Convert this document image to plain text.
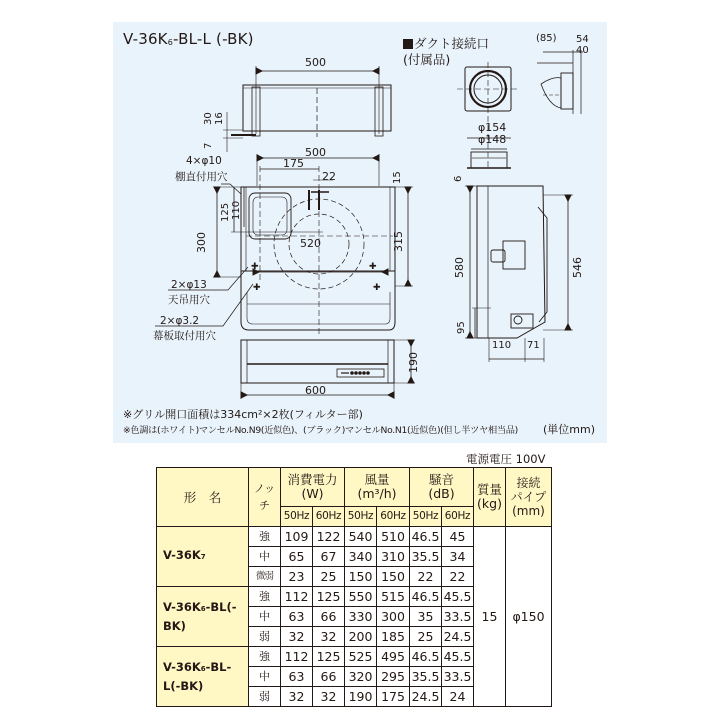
✚	✚
✚	✚
$V-36K_6-BL-L$ (-BK)	ダクト接続口
(付属品)
500
30 16
7
500
175
22
520
15
315
300
125 110
φ154
φ148
(85) 54
40
6
580	546
95
110 71
600
190
4×φ10
棚直付用穴
2×φ13
天吊用穴
2×φ3.2
幕板取付用穴
※グリル開口面積は334cm²×2枚(フィルター部)
※色調は(ホワイト)マンセルNo.N9(近似色)、(ブラック)マンセルNo.N1(近似色)(但し半ツヤ相当品) (単位mm)
電源電圧 100V
形　名	ノッチ	消費電力
(W)		風量
(m³/h)		騒音
(dB)		質量
(kg)	接続
パイプ
(mm)
		50Hz	60Hz	50Hz	60Hz	50Hz	60Hz		
V-36K7	強	109	122	540	510	46.5	45	15	φ150
	中	65	67	340	310	35.5	34		
	微弱	23	25	150	150	22	22		
V-36K6-BL(-BK)	強	112	125	550	515	46.5	45.5		
	中	63	66	330	300	35	33.5		
	弱	32	32	200	185	25	24.5		
V-36K6-BL-L(-BK)	強	112	125	525	495	46.5	45.5		
	中	63	66	320	295	35.5	33.5		
	弱	32	32	190	175	24.5	24		
